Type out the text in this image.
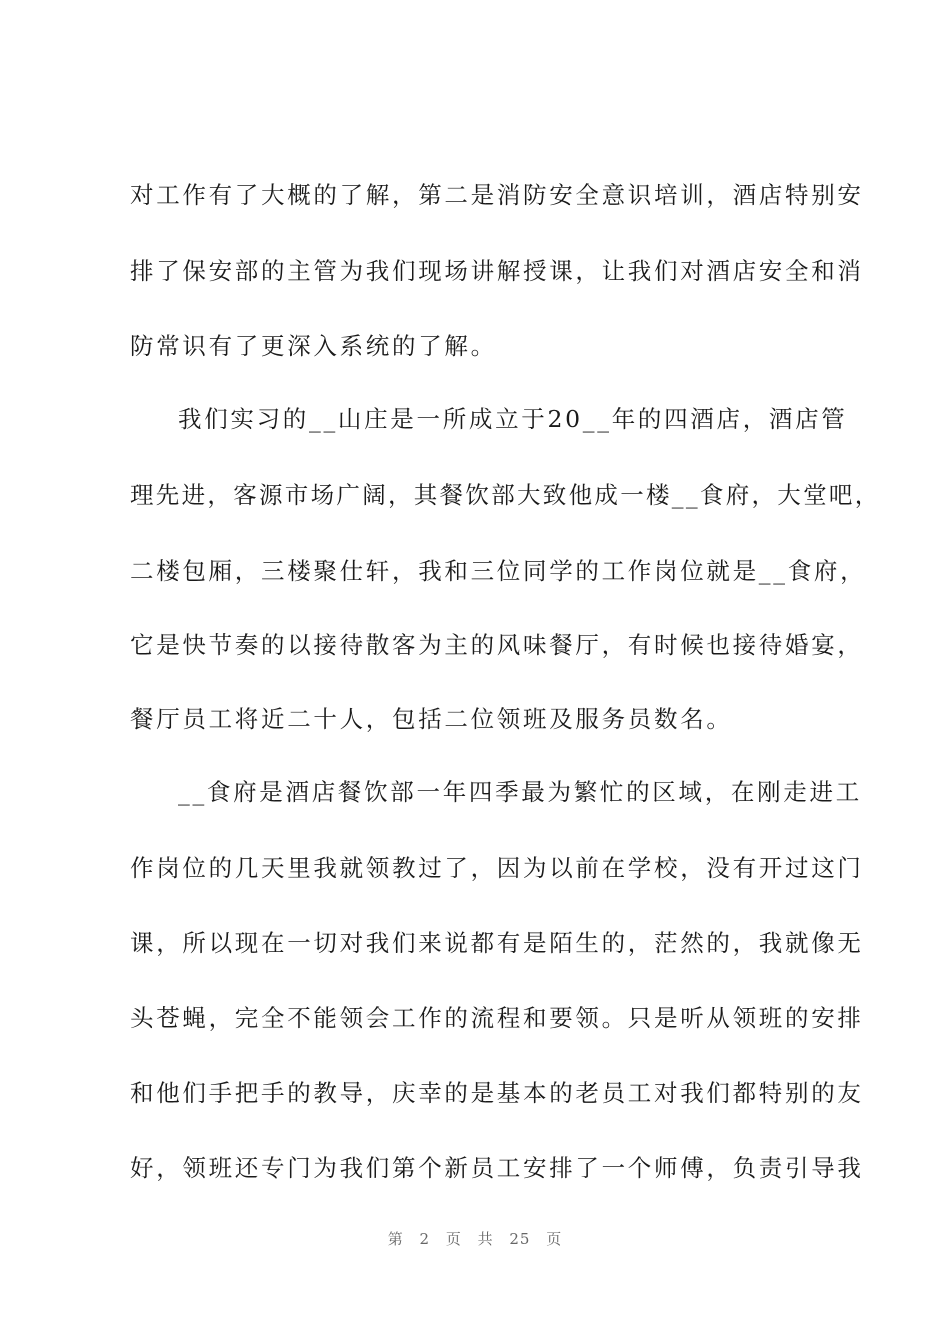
对工作有了大概的了解，第二是消防安全意识培训，酒店特别安
排了保安部的主管为我们现场讲解授课，让我们对酒店安全和消
防常识有了更深入系统的了解。
我们实习的__山庄是一所成立于20__年的四酒店，酒店管
理先进，客源市场广阔，其餐饮部大致他成一楼__食府，大堂吧，
二楼包厢，三楼聚仕轩，我和三位同学的工作岗位就是__食府，
它是快节奏的以接待散客为主的风味餐厅，有时候也接待婚宴，
餐厅员工将近二十人，包括二位领班及服务员数名。
__食府是酒店餐饮部一年四季最为繁忙的区域，在刚走进工
作岗位的几天里我就领教过了，因为以前在学校，没有开过这门
课，所以现在一切对我们来说都有是陌生的，茫然的，我就像无
头苍蝇，完全不能领会工作的流程和要领。只是听从领班的安排
和他们手把手的教导，庆幸的是基本的老员工对我们都特别的友
好，领班还专门为我们第个新员工安排了一个师傅，负责引导我
第 2 页 共 25 页
